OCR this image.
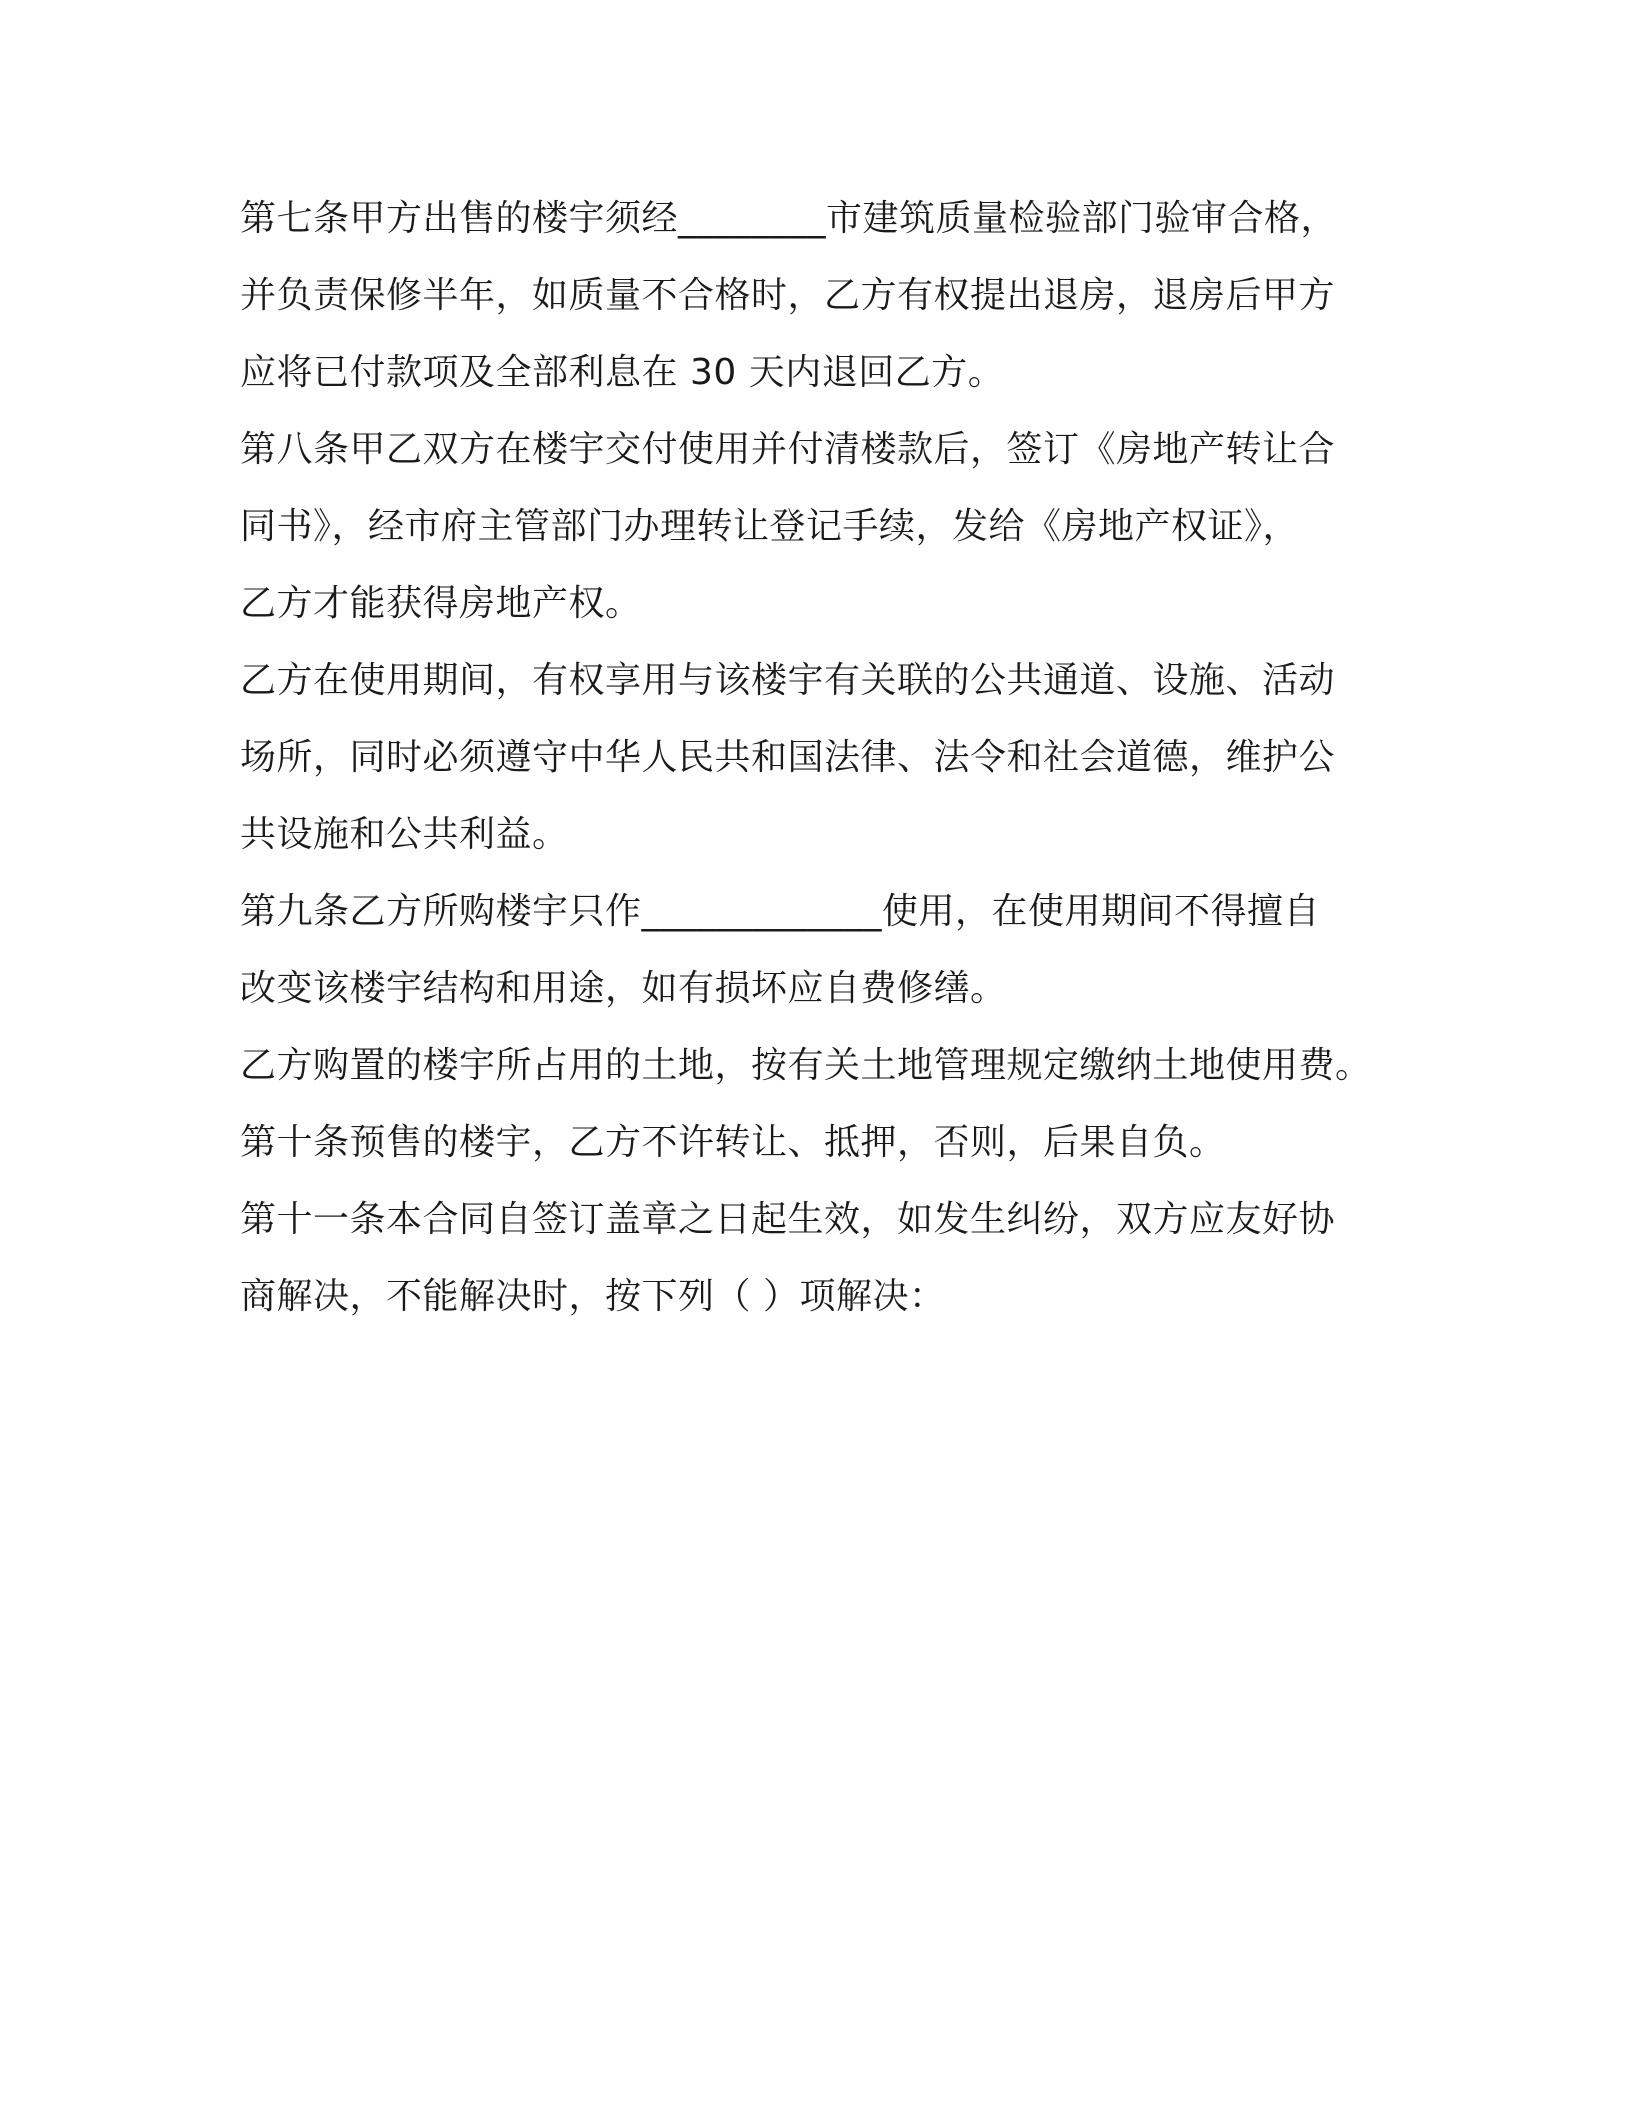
第七条甲方出售的楼宇须经________市建筑质量检验部门验审合格，
并负责保修半年，如质量不合格时，乙方有权提出退房，退房后甲方
应将已付款项及全部利息在 30 天内退回乙方。
第八条甲乙双方在楼宇交付使用并付清楼款后，签订《房地产转让合
同书》，经市府主管部门办理转让登记手续，发给《房地产权证》，
乙方才能获得房地产权。
乙方在使用期间，有权享用与该楼宇有关联的公共通道、设施、活动
场所，同时必须遵守中华人民共和国法律、法令和社会道德，维护公
共设施和公共利益。
第九条乙方所购楼宇只作_____________使用，在使用期间不得擅自
改变该楼宇结构和用途，如有损坏应自费修缮。
乙方购置的楼宇所占用的土地，按有关土地管理规定缴纳土地使用费。
第十条预售的楼宇，乙方不许转让、抵押，否则，后果自负。
第十一条本合同自签订盖章之日起生效，如发生纠纷，双方应友好协
商解决，不能解决时，按下列（ ）项解决：
